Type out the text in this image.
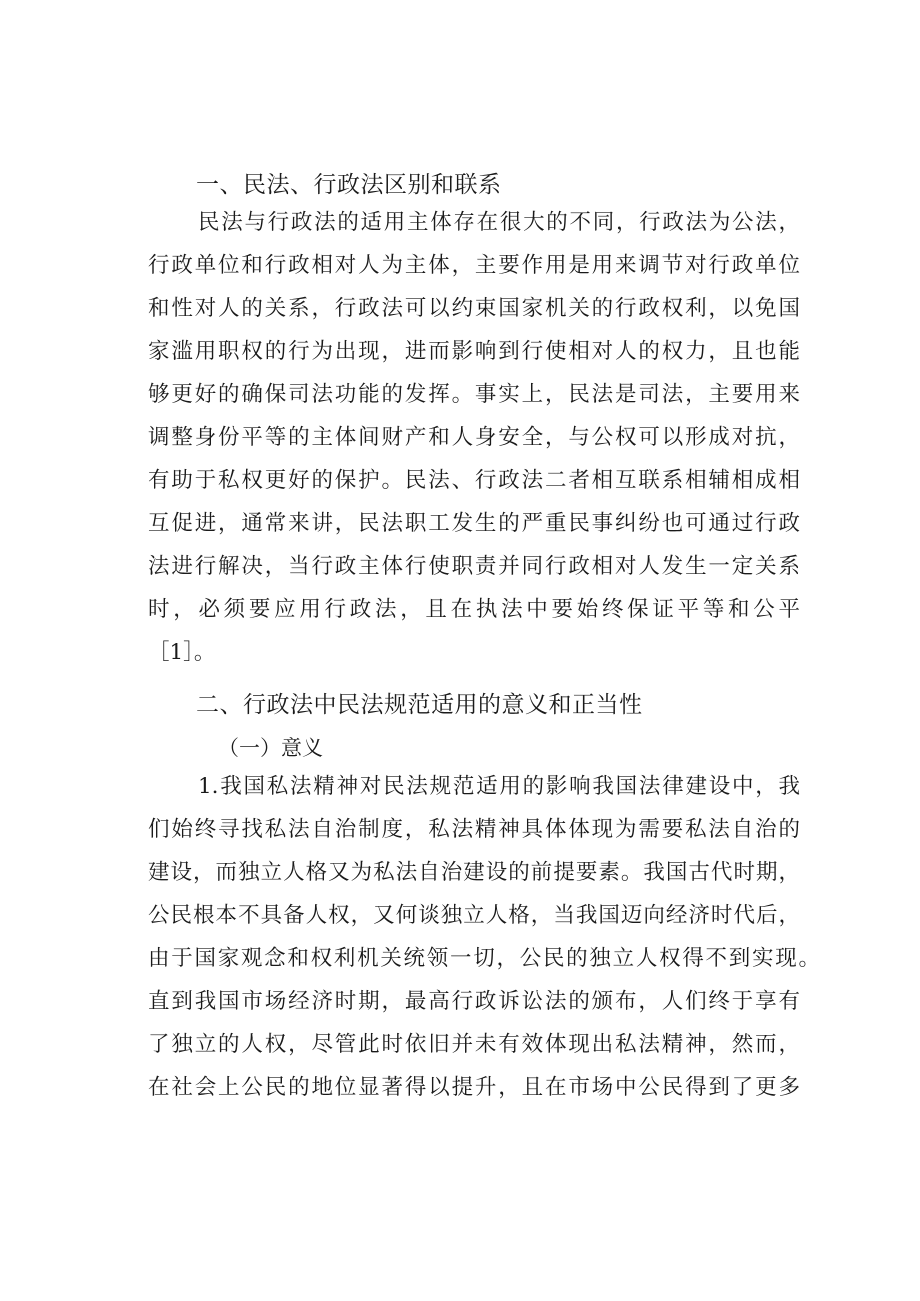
一、民法、行政法区别和联系
民法与行政法的适用主体存在很大的不同，行政法为公法，
行政单位和行政相对人为主体，主要作用是用来调节对行政单位
和性对人的关系，行政法可以约束国家机关的行政权利，以免国
家滥用职权的行为出现，进而影响到行使相对人的权力，且也能
够更好的确保司法功能的发挥。事实上，民法是司法，主要用来
调整身份平等的主体间财产和人身安全，与公权可以形成对抗，
有助于私权更好的保护。民法、行政法二者相互联系相辅相成相
互促进，通常来讲，民法职工发生的严重民事纠纷也可通过行政
法进行解决，当行政主体行使职责并同行政相对人发生一定关系
时，必须要应用行政法，且在执法中要始终保证平等和公平
［1］。
二、行政法中民法规范适用的意义和正当性
（一）意义
1.我国私法精神对民法规范适用的影响我国法律建设中，我
们始终寻找私法自治制度，私法精神具体体现为需要私法自治的
建设，而独立人格又为私法自治建设的前提要素。我国古代时期，
公民根本不具备人权，又何谈独立人格，当我国迈向经济时代后，
由于国家观念和权利机关统领一切，公民的独立人权得不到实现。
直到我国市场经济时期，最高行政诉讼法的颁布，人们终于享有
了独立的人权，尽管此时依旧并未有效体现出私法精神，然而，
在社会上公民的地位显著得以提升，且在市场中公民得到了更多
